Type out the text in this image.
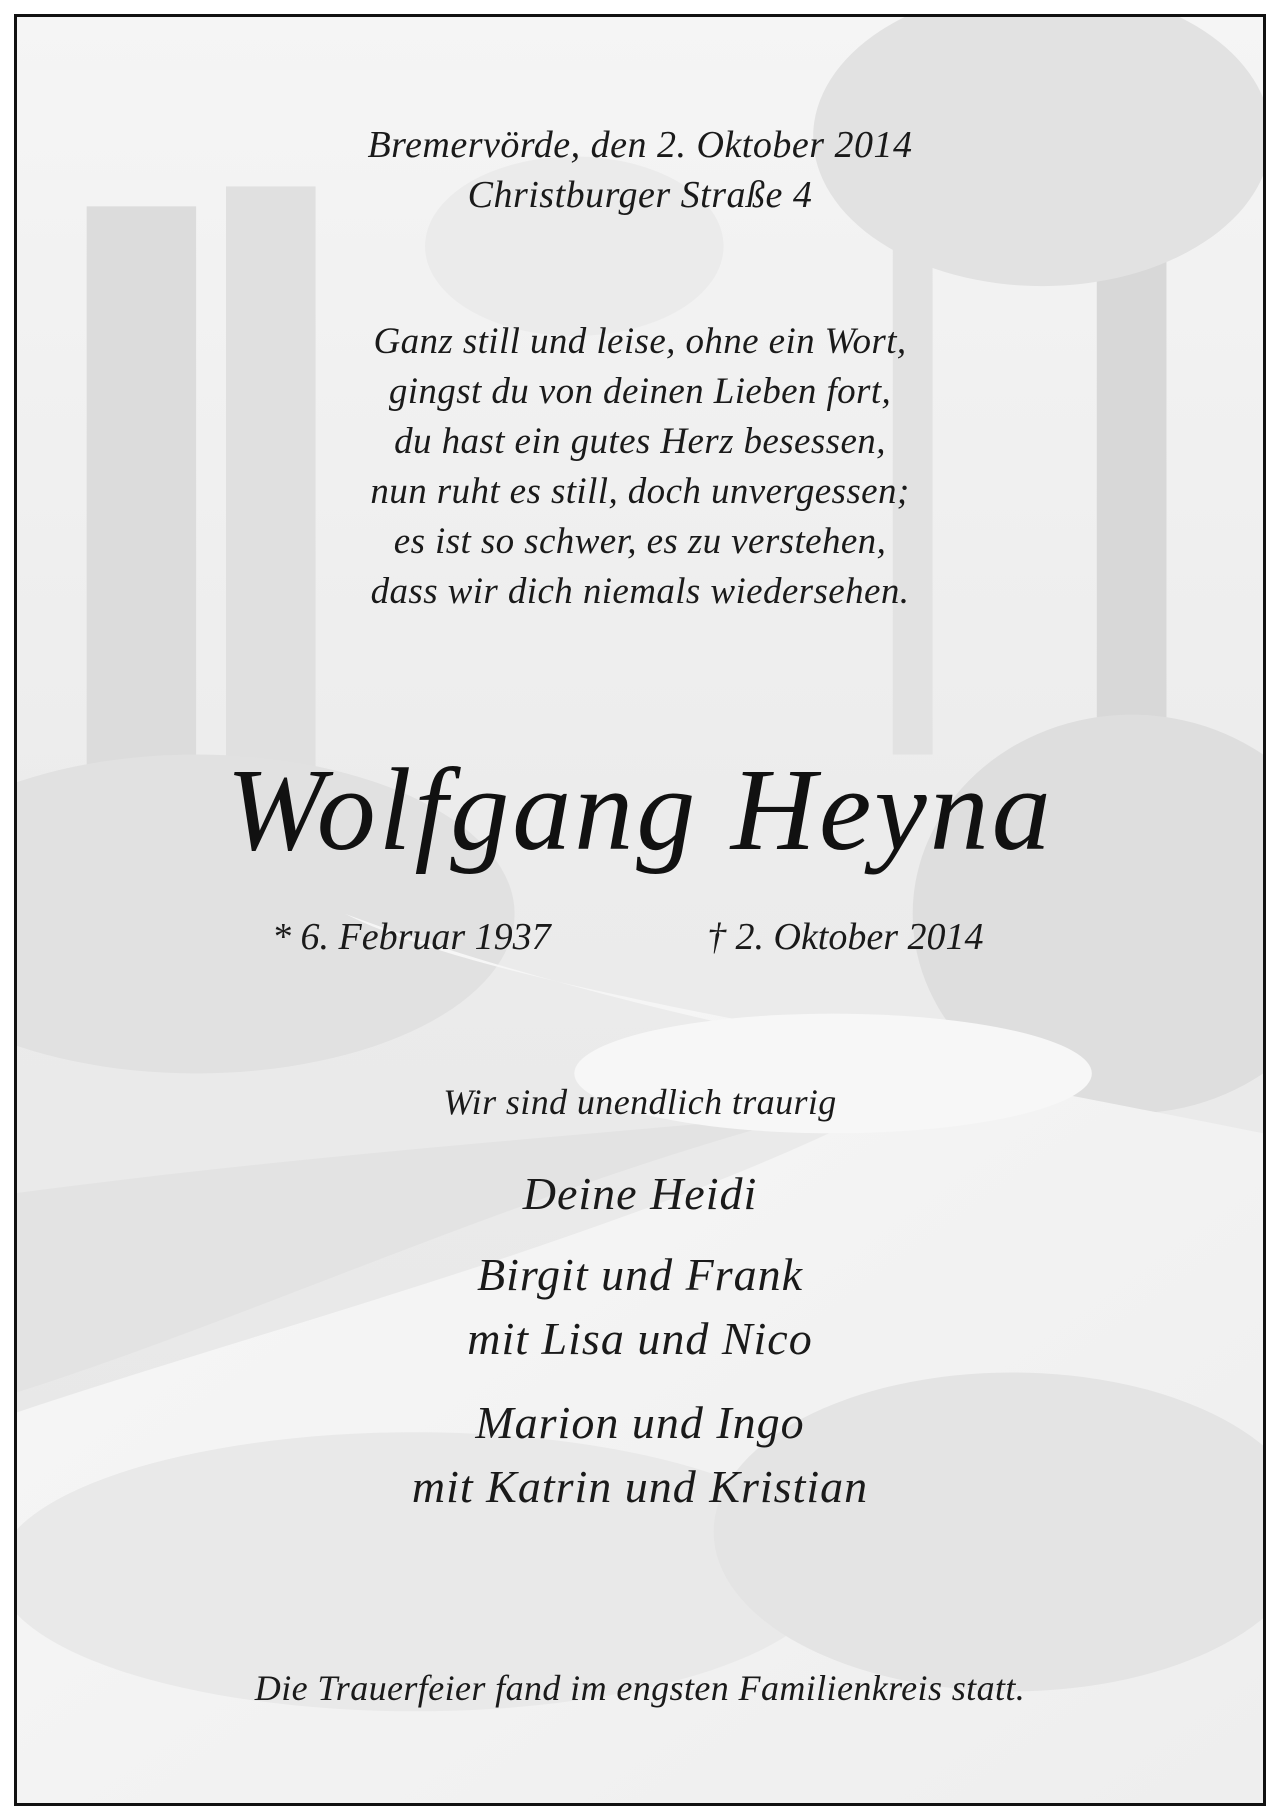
Bremervörde, den 2. Oktober 2014
Christburger Straße 4
Ganz still und leise, ohne ein Wort,
gingst du von deinen Lieben fort,
du hast ein gutes Herz besessen,
nun ruht es still, doch unvergessen;
es ist so schwer, es zu verstehen,
dass wir dich niemals wiedersehen.
Wolfgang Heyna
* 6. Februar 1937	† 2. Oktober 2014
Wir sind unendlich traurig
Deine Heidi
Birgit und Frank
mit Lisa und Nico
Marion und Ingo
mit Katrin und Kristian
Die Trauerfeier fand im engsten Familienkreis statt.
